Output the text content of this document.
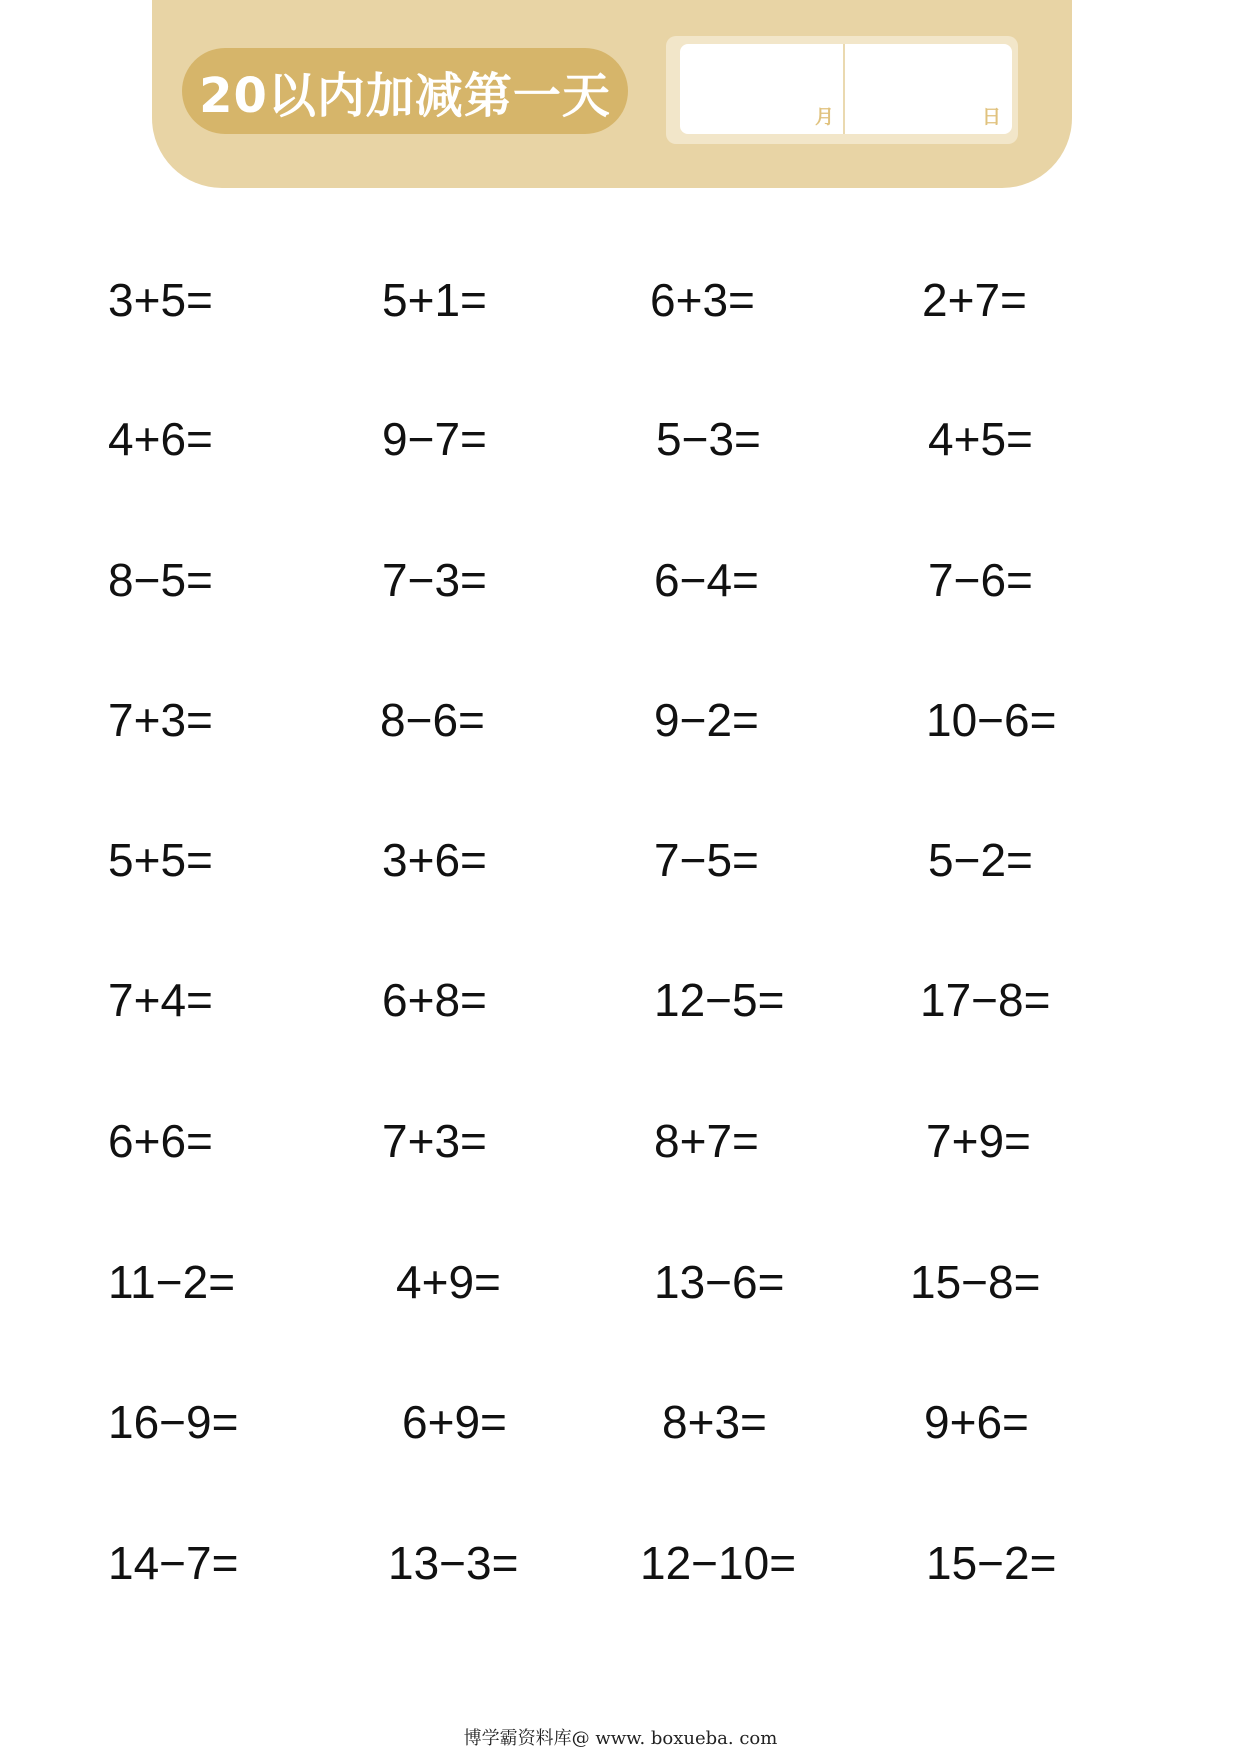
20以内加减第一天	月	日
3+5=	5+1=	6+3=	2+7=
4+6=	9−7=	5−3=	4+5=
8−5=	7−3=	6−4=	7−6=
7+3=	8−6=	9−2=	10−6=
5+5=	3+6=	7−5=	5−2=
7+4=	6+8=	12−5=	17−8=
6+6=	7+3=	8+7=	7+9=
11−2=	4+9=	13−6=	15−8=
16−9=	6+9=	8+3=	9+6=
14−7=	13−3=	12−10=	15−2=
博学霸资料库@ www. boxueba. com
